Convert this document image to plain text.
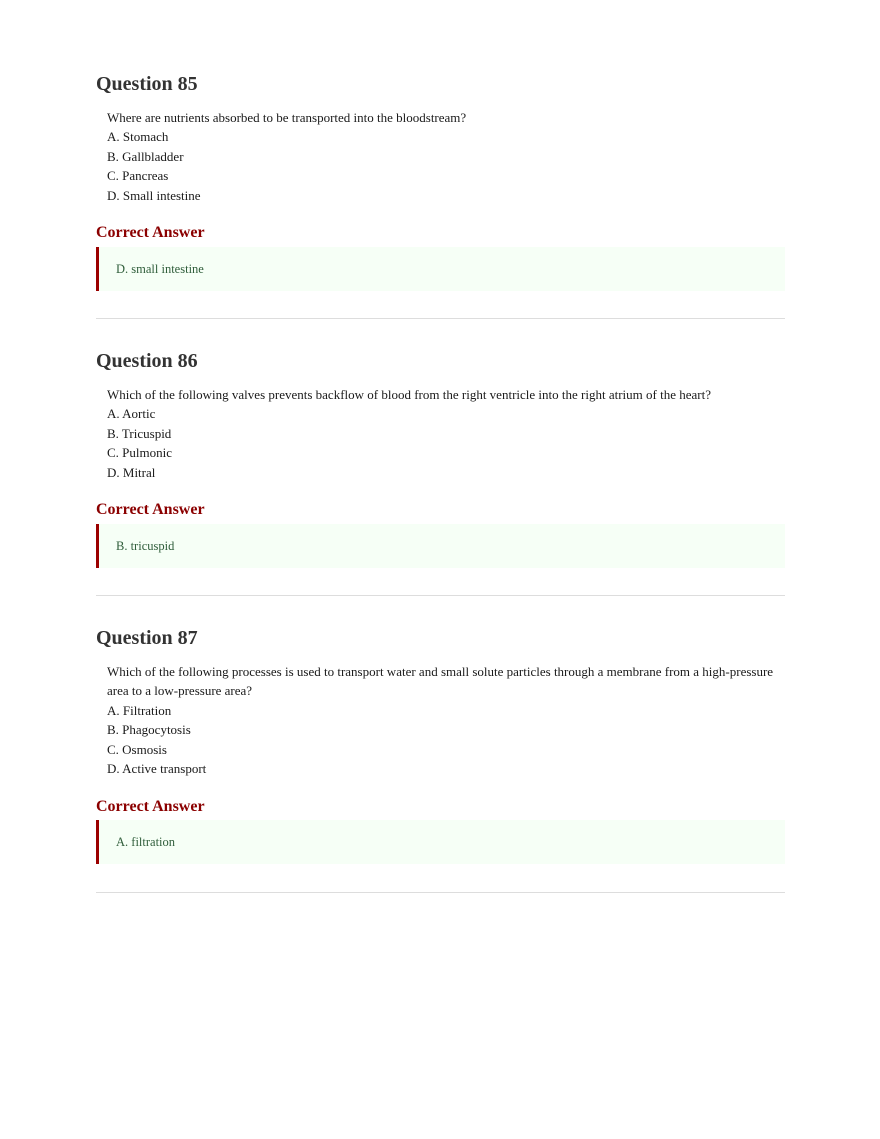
Question 85

Where are nutrients absorbed to be transported into the bloodstream?

A. Stomach

B. Gallbladder

C. Pancreas

D. Small intestine

Correct Answer
D. small intestine
Question 86

Which of the following valves prevents backflow of blood from the right ventricle into the right atrium of the heart?

A. Aortic

B. Tricuspid

C. Pulmonic

D. Mitral

Correct Answer
B. tricuspid
Question 87

Which of the following processes is used to transport water and small solute particles through a membrane from a high-pressure area to a low-pressure area?

A. Filtration

B. Phagocytosis

C. Osmosis

D. Active transport

Correct Answer
A. filtration
